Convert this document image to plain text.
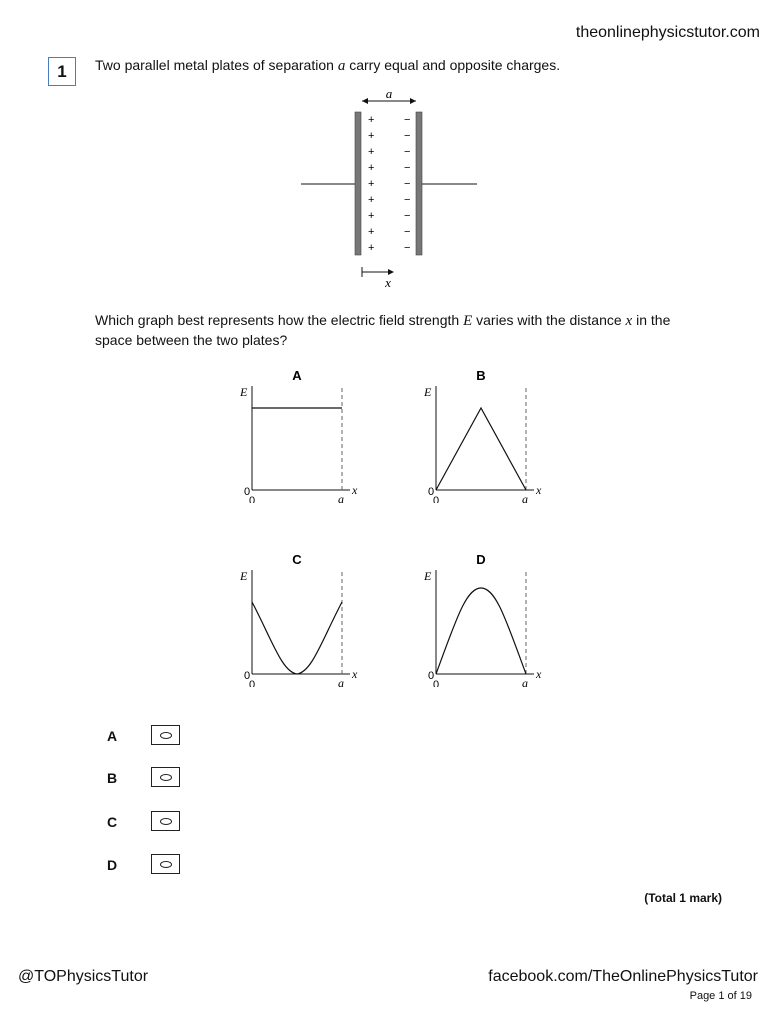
theonlinephysicstutor.com
1	Two parallel metal plates of separation a carry equal and opposite charges.
a
+
+
+
+
+
+
+
+
+
−
−
−
−
−
−
−
−
−
x
Which graph best represents how the electric field strength E varies with the distance x in the space between the two plates?
A
E
0
0	a
x
B
E
0
0	a
x
C
E
0
0	a
x
D
E
0
0	a
x
A
B
C
D
(Total 1 mark)
@TOPhysicsTutor	facebook.com/TheOnlinePhysicsTutor
Page 1 of 19
